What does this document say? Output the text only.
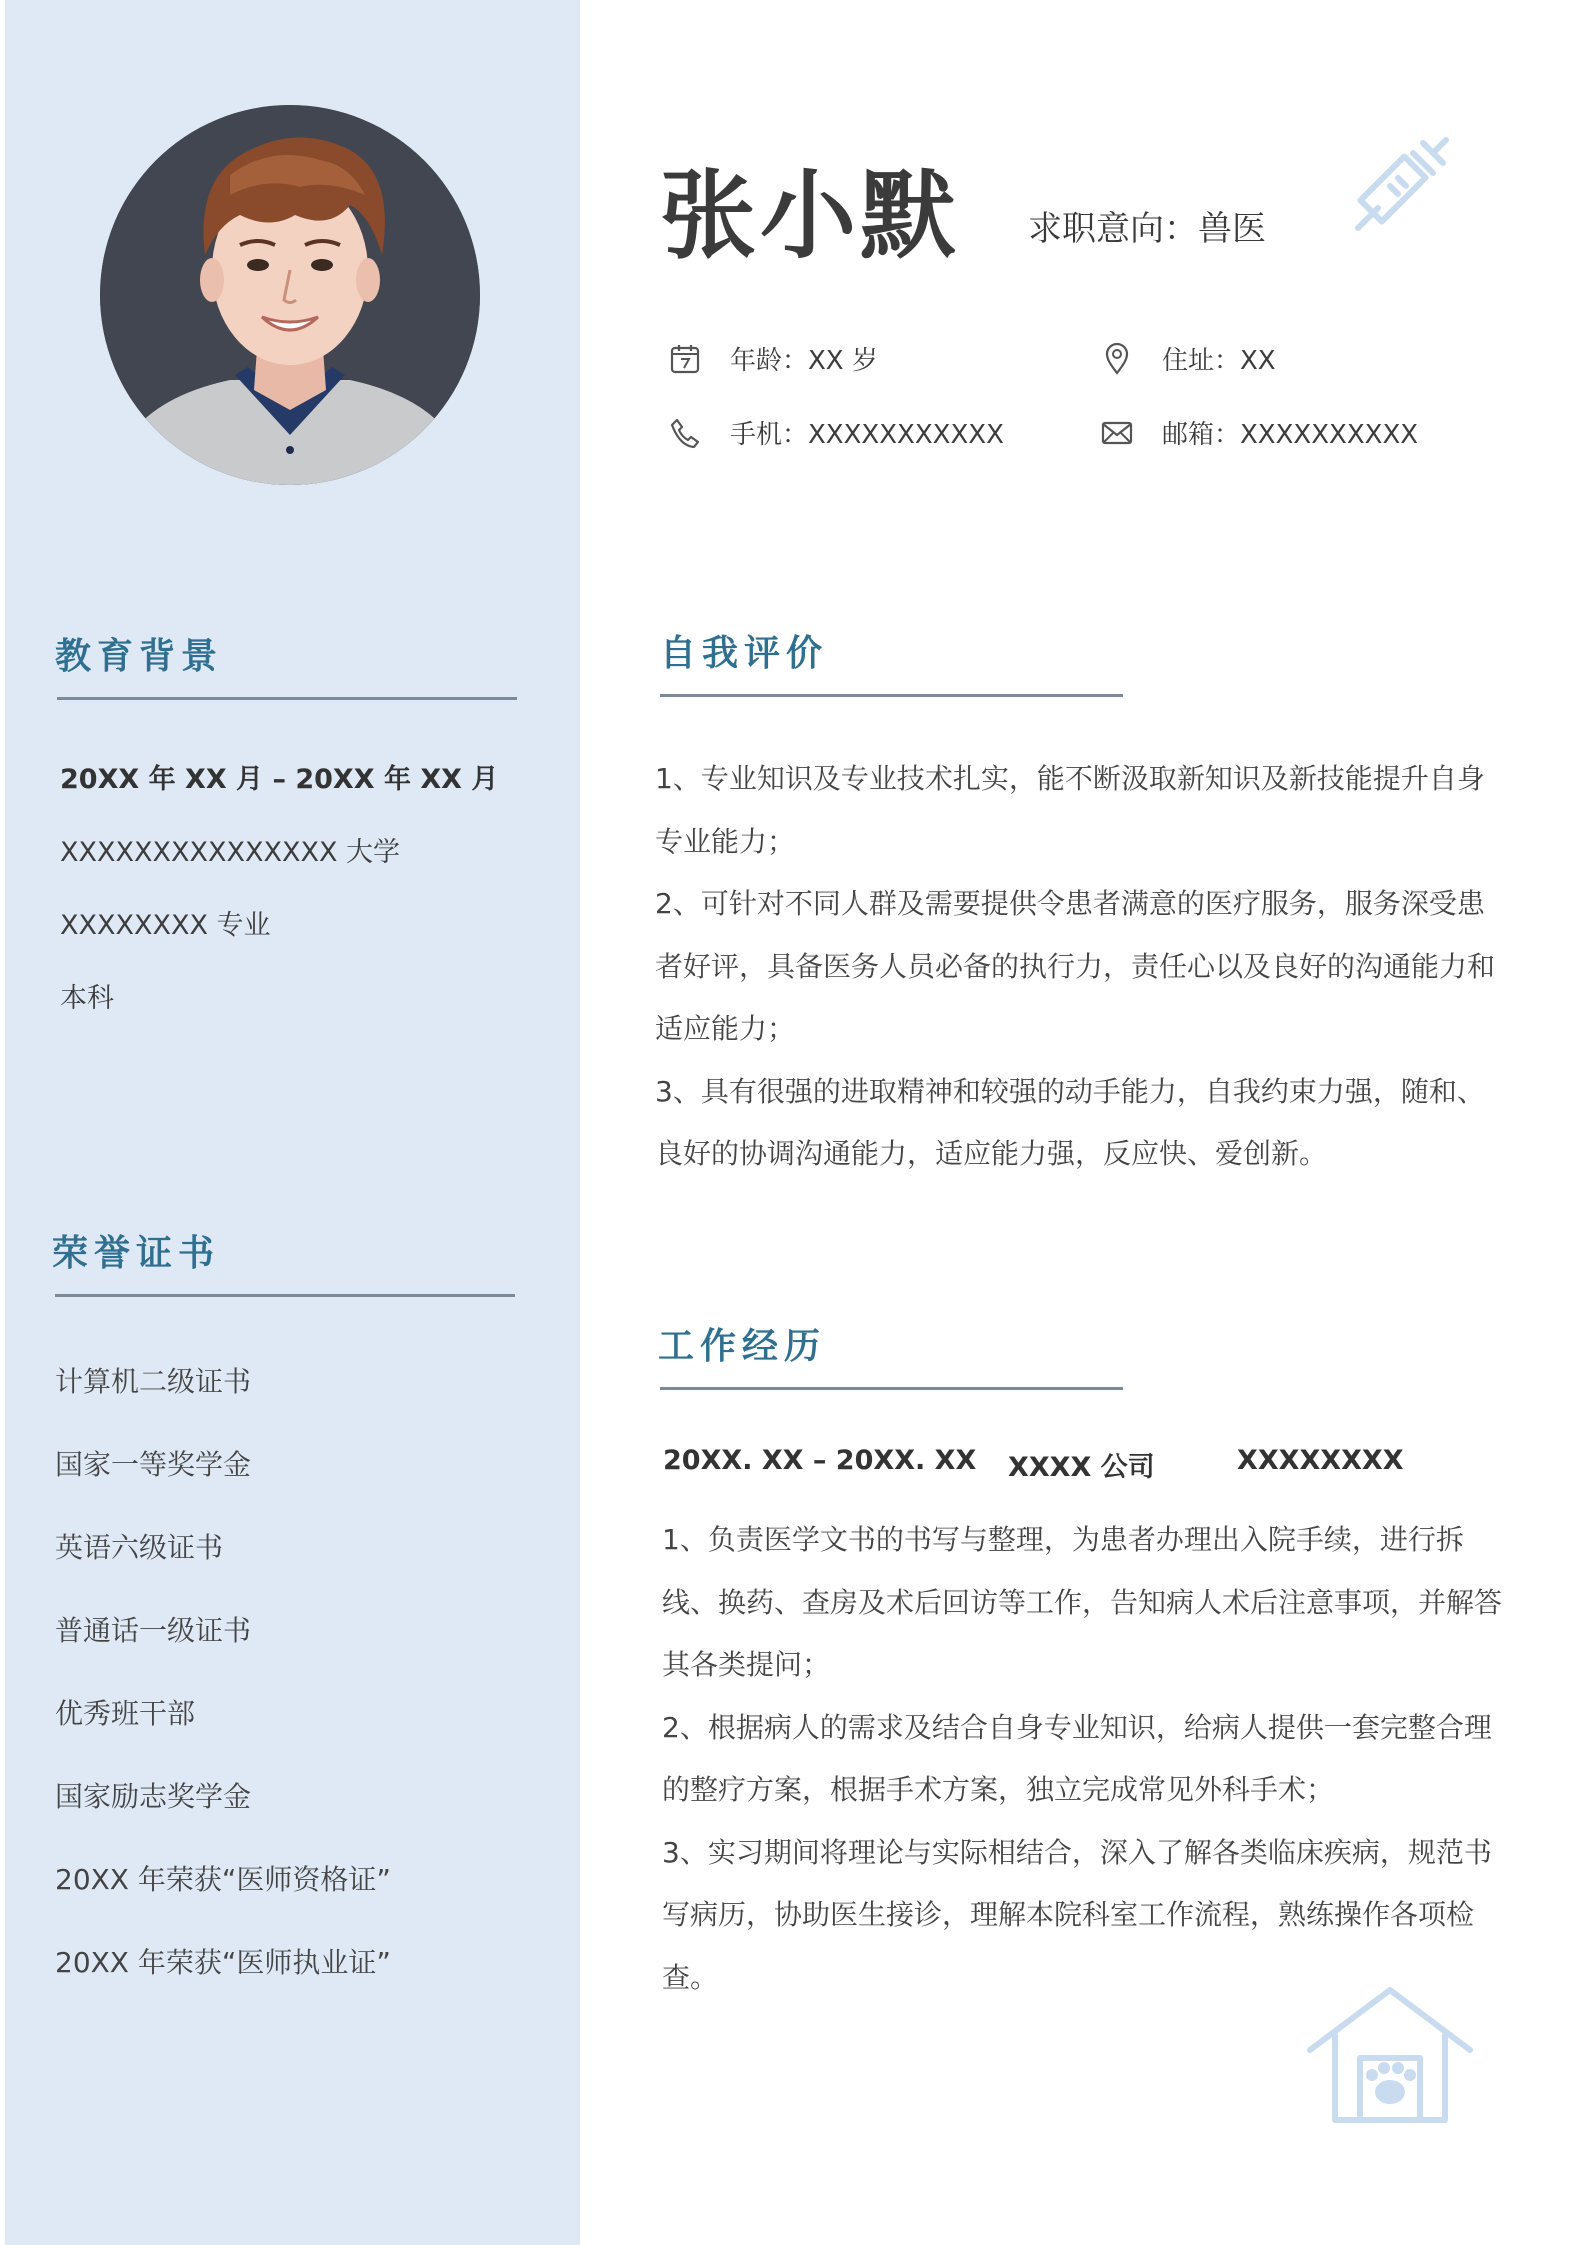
教育背景
20XX 年 XX 月 – 20XX 年 XX 月
XXXXXXXXXXXXXXX 大学
XXXXXXXX 专业
本科
荣誉证书
计算机二级证书
国家一等奖学金
英语六级证书
普通话一级证书
优秀班干部
国家励志奖学金
20XX 年荣获“医师资格证”
20XX 年荣获“医师执业证”
张小默 求职意向：兽医
年龄：XX 岁	住址：XX
手机：XXXXXXXXXXX	邮箱：XXXXXXXXXX
自我评价

1、专业知识及专业技术扎实，能不断汲取新知识及新技能提升自身专业能力；

2、可针对不同人群及需要提供令患者满意的医疗服务，服务深受患者好评，具备医务人员必备的执行力，责任心以及良好的沟通能力和适应能力；

3、具有很强的进取精神和较强的动手能力，自我约束力强，随和、良好的协调沟通能力，适应能力强，反应快、爱创新。

工作经历
20XX. XX – 20XX. XX XXXX 公司	XXXXXXXX

1、负责医学文书的书写与整理，为患者办理出入院手续，进行拆线、换药、查房及术后回访等工作，告知病人术后注意事项，并解答其各类提问；

2、根据病人的需求及结合自身专业知识，给病人提供一套完整合理的整疗方案，根据手术方案，独立完成常见外科手术；

3、实习期间将理论与实际相结合，深入了解各类临床疾病，规范书写病历，协助医生接诊，理解本院科室工作流程，熟练操作各项检查。
